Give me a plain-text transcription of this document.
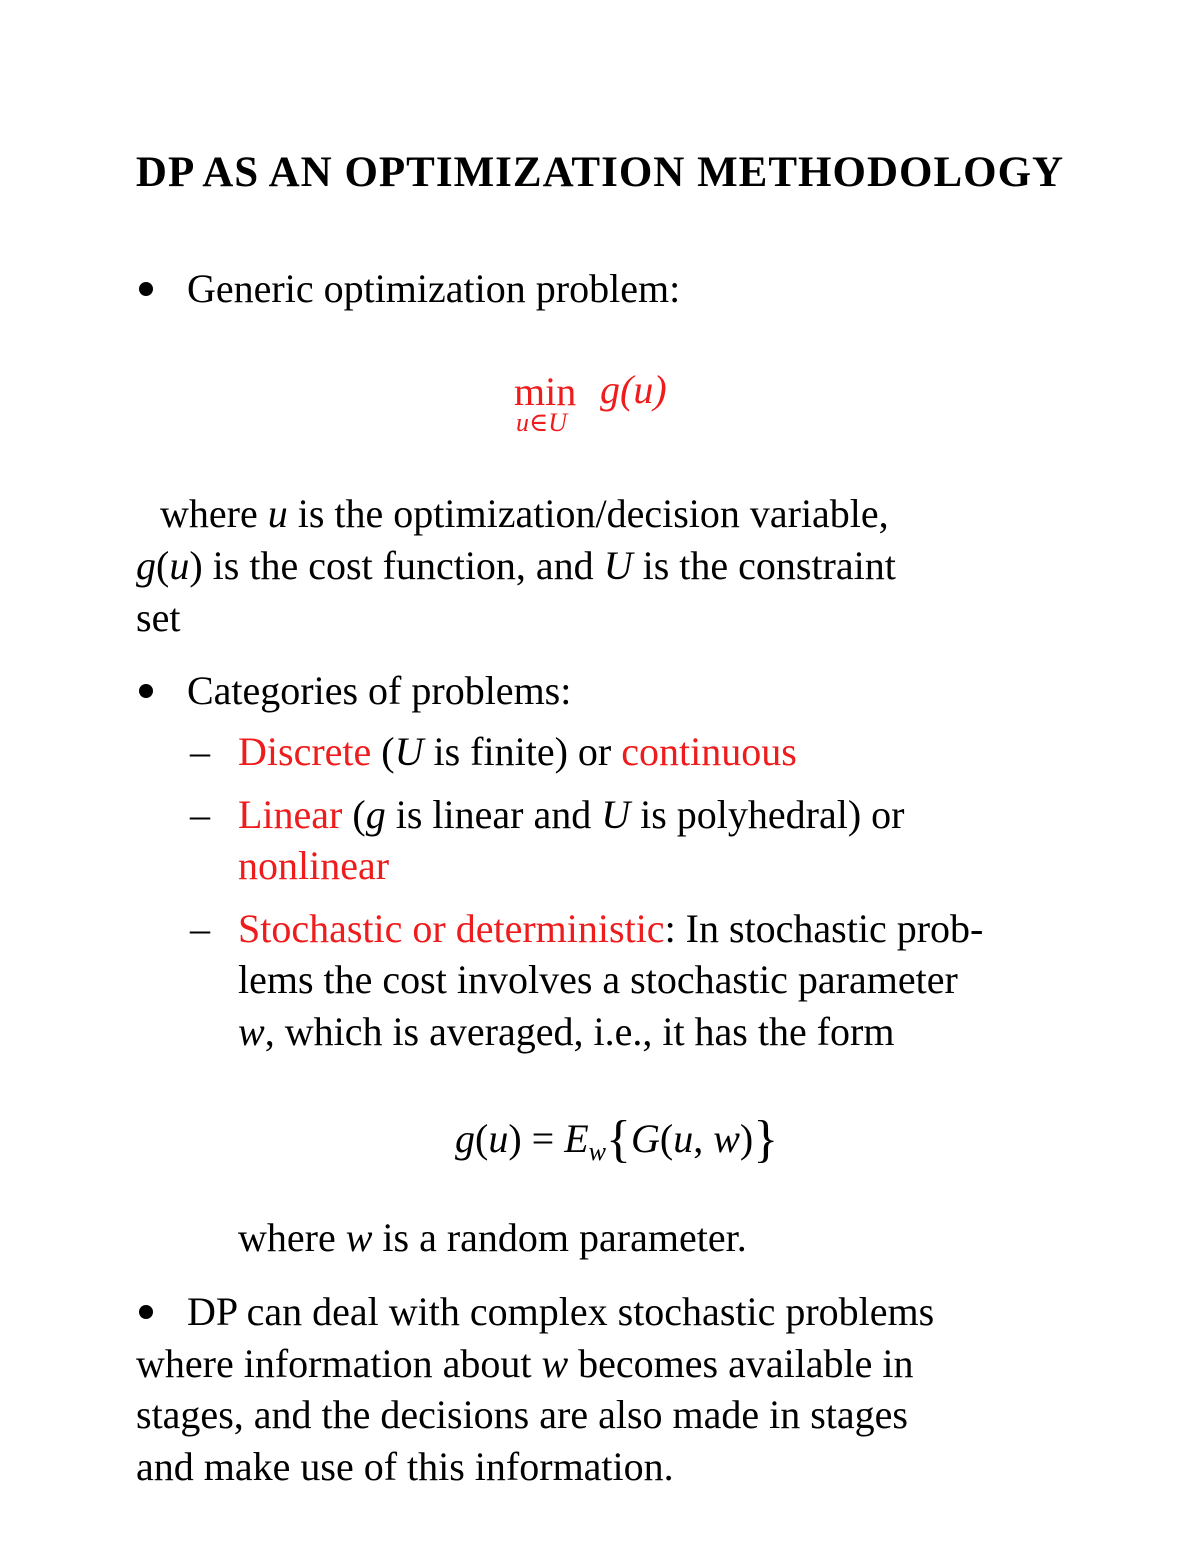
DP AS AN OPTIMIZATION METHODOLOGY
Generic optimization problem:
min
u∈U
g(u)
where u is the optimization/decision variable,
g(u) is the cost function, and U is the constraint
set
Categories of problems:
– Discrete (U is finite) or continuous
– Linear (g is linear and U is polyhedral) or
nonlinear
– Stochastic or deterministic: In stochastic prob-
lems the cost involves a stochastic parameter
w, which is averaged, i.e., it has the form
$g(u) = E_w\{G(u$, w)}
where w is a random parameter.
DP can deal with complex stochastic problems
where information about w becomes available in
stages, and the decisions are also made in stages
and make use of this information.
